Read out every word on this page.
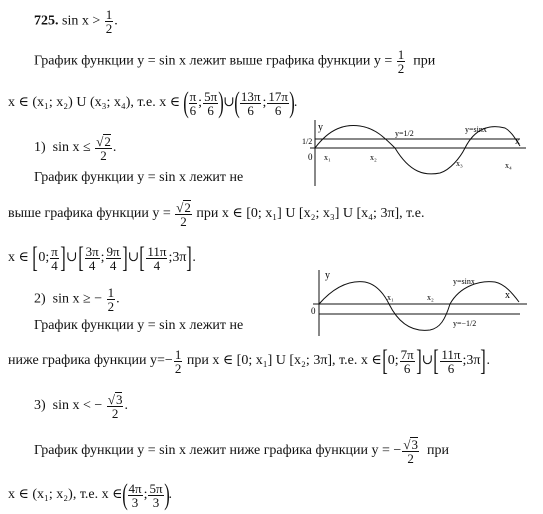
725. $\sin x > \frac{1}{2}$ .
График функции y = sin x лежит выше графика функции $y = \frac{1}{2}$ при
x ∈ (x₁; x₂) U (x₃; x₄), т.е. x ∈ ( $\frac{\pi}{6}$ ; $\frac{5\pi}{6}$ )∪( $\frac{13\pi}{6}$ ; $\frac{17\pi}{6}$ ).
1) $\sin x \le \frac{√2}{2}$ .
График функции y = sin x лежит не
выше графика функции $y = \frac{√2}{2}$ при x ∈ [0; x₁] U [x₂; x₃] U [x₄; 3π], т.е.
x ∈ [0; $\frac{\pi}{4}$ ]∪[ $\frac{3\pi}{4}$ ; $\frac{9\pi}{4}$ ]∪[ $\frac{11\pi}{4}$ ;3π].
2) sin x ≥ − $\frac{1}{2}$ .
График функции y = sin x лежит не
ниже графика функции $y=- \frac{1}{2}$ при x ∈ [0; x₁] U [x₂; 3π], т.е. x ∈[0; $\frac{7\pi}{6}$ ]∪[ $\frac{11\pi}{6}$ ;3π].
3) sin x < − $\frac{√3}{2}$ .
График функции y = sin x лежит ниже графика функции y = − $\frac{√3}{2}$ при
x ∈ (x₁; x₂), т.е. x ∈( $\frac{4\pi}{3}$ ; $\frac{5\pi}{3}$ ).
y
x
1/2
0
y=1/2	y=sinx
x₁	x₂
x₃	x₄
y
x
0
x₁	x₂
y=sinx
y=−1/2
